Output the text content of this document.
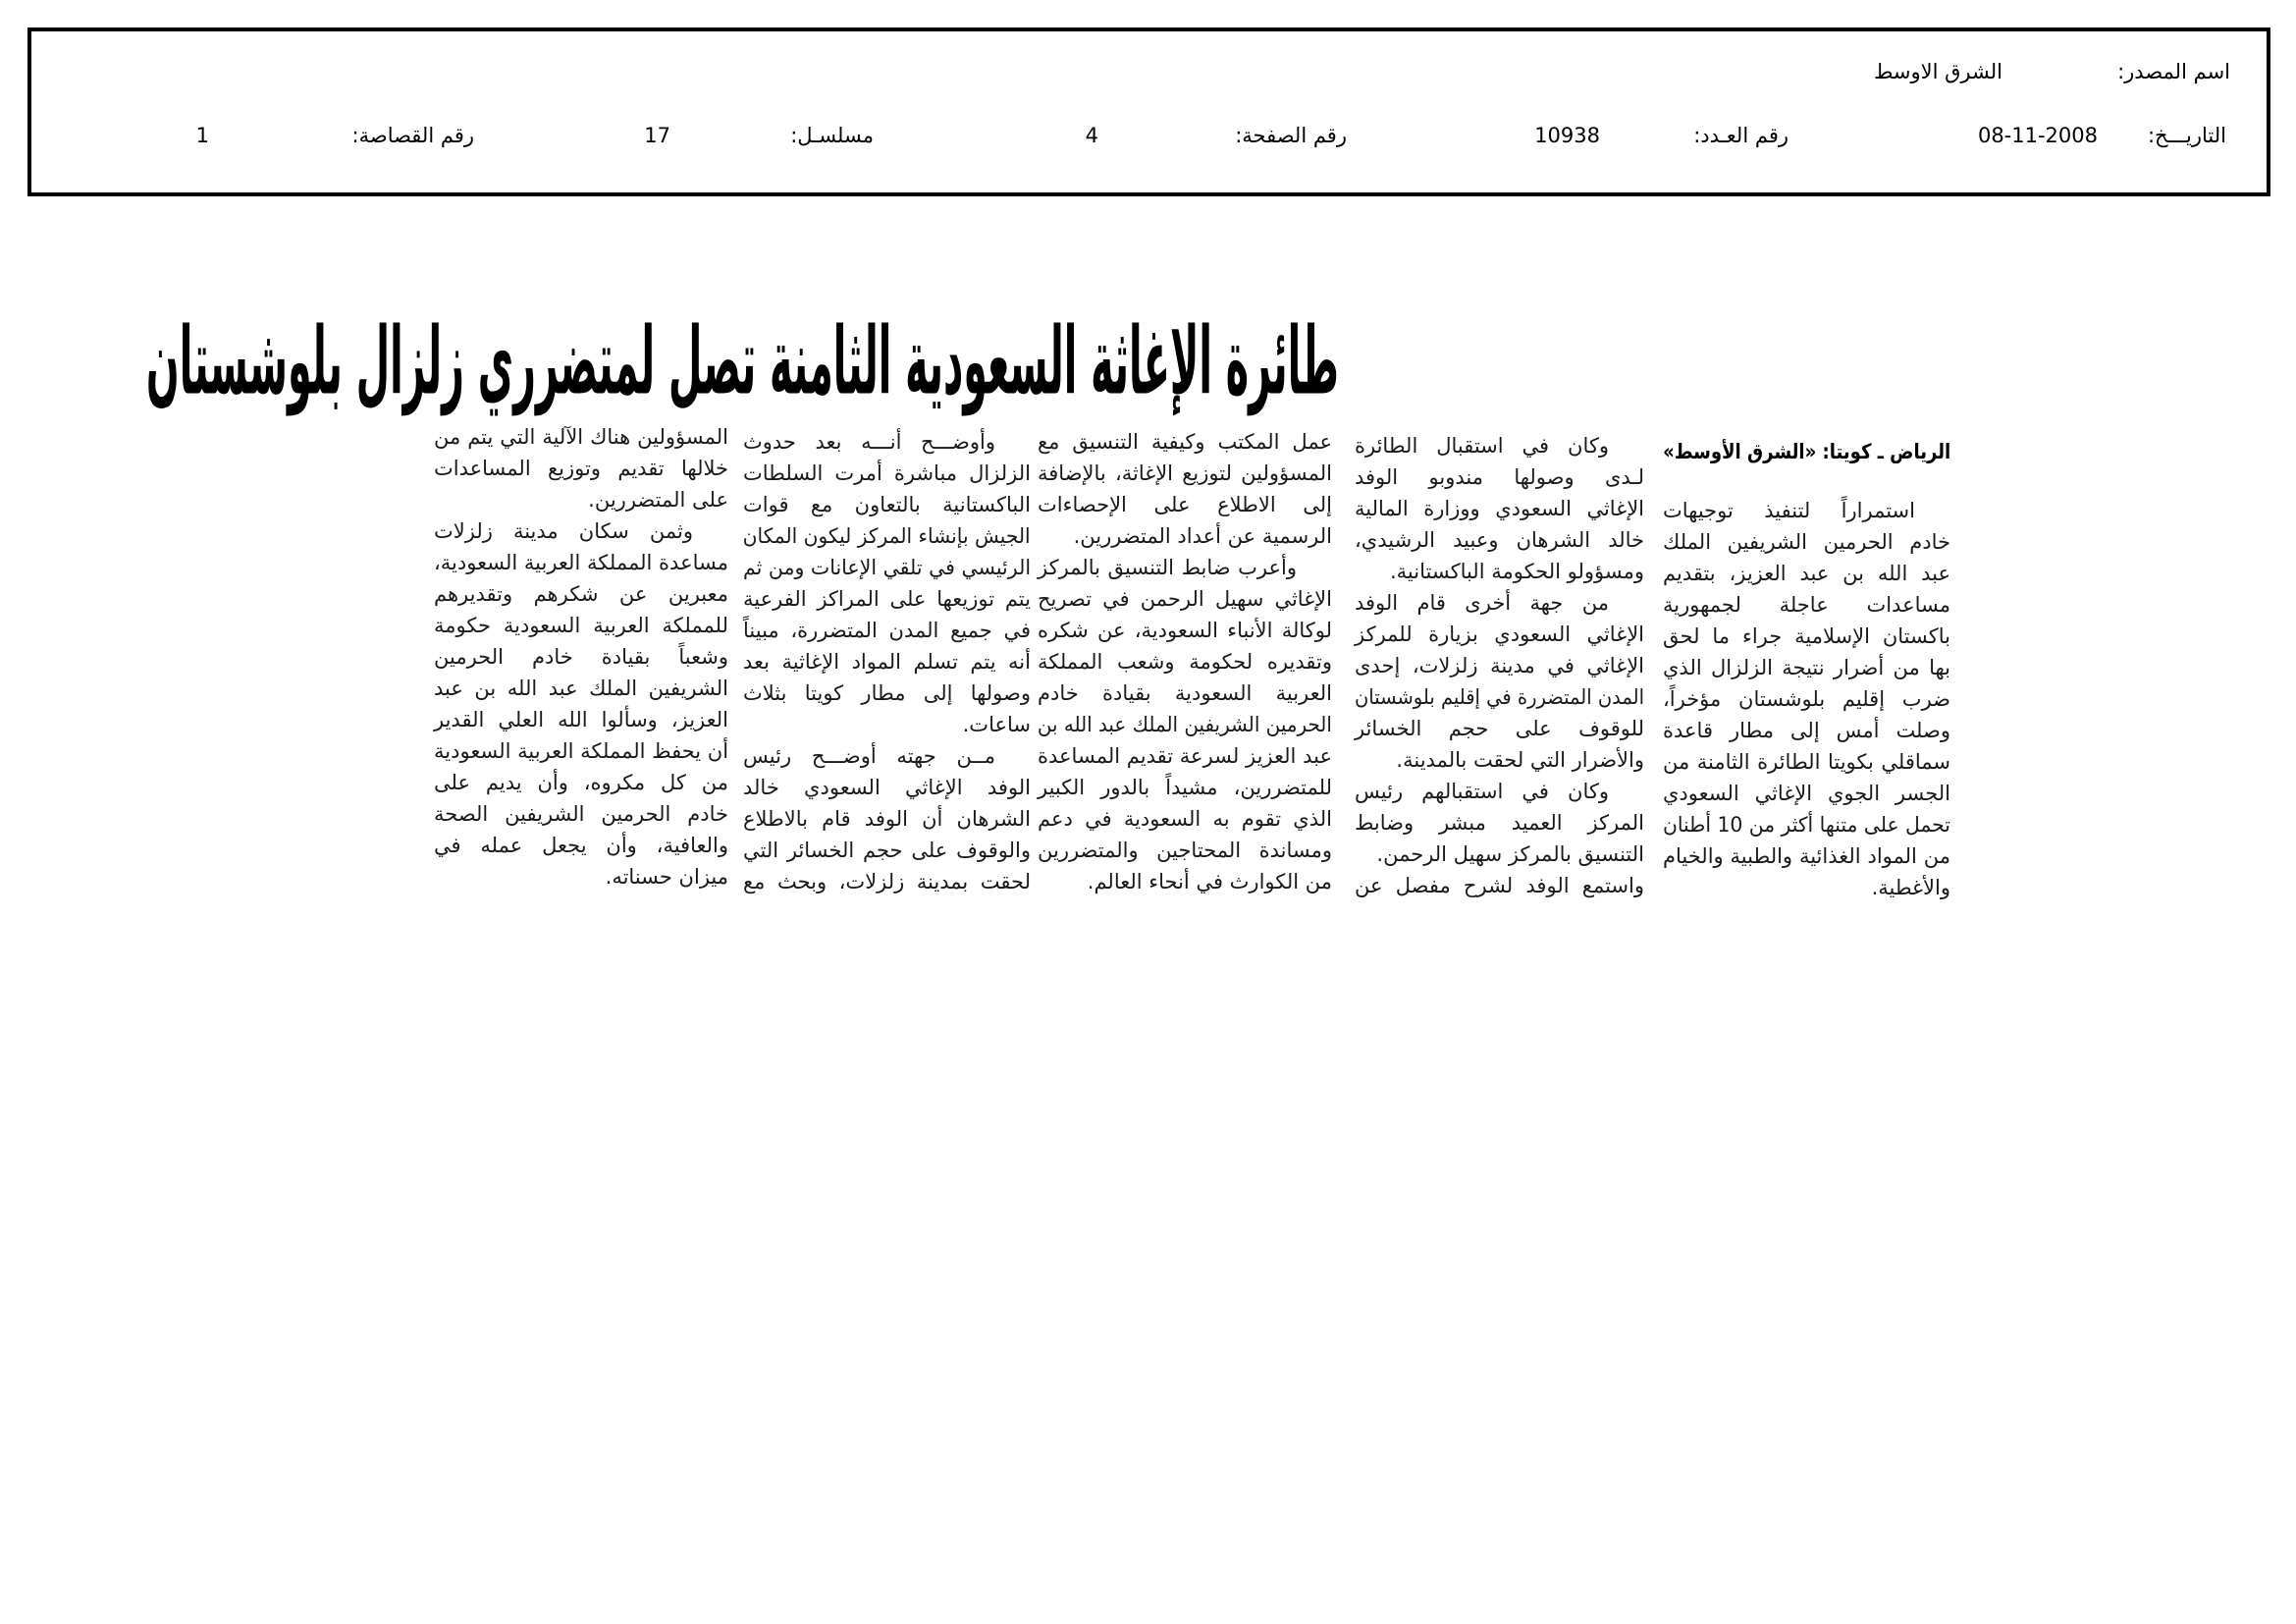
اسم المصدر:
الشرق الاوسط
التاريـــخ:
08-11-2008
رقم العـدد:
10938
رقم الصفحة:
4
مسلسـل:
17
رقم القصاصة:
1
طائرة الإغاثة السعودية الثامنة تصل لمتضرري زلزال بلوشستان
الرياض ـ كويتا: «الشرق الأوسط»
استمراراً لتنفيذ توجيهات
خادم الحرمين الشريفين الملك
عبد الله بن عبد العزيز، بتقديم
مساعدات عاجلة لجمهورية
باكستان الإسلامية جراء ما لحق
بها من أضرار نتيجة الزلزال الذي
ضرب إقليم بلوشستان مؤخراً،
وصلت أمس إلى مطار قاعدة
سماقلي بكويتا الطائرة الثامنة من
الجسر الجوي الإغاثي السعودي
تحمل على متنها أكثر من 10 أطنان
من المواد الغذائية والطبية والخيام
والأغطية.
وكان في استقبال الطائرة
لـدى وصولها مندوبو الوفد
الإغاثي السعودي ووزارة المالية
خالد الشرهان وعبيد الرشيدي،
ومسؤولو الحكومة الباكستانية.
من جهة أخرى قام الوفد
الإغاثي السعودي بزيارة للمركز
الإغاثي في مدينة زلزلات، إحدى
المدن المتضررة في إقليم بلوشستان
للوقوف على حجم الخسائر
والأضرار التي لحقت بالمدينة.
وكان في استقبالهم رئيس
المركز العميد مبشر وضابط
التنسيق بالمركز سهيل الرحمن.
واستمع الوفد لشرح مفصل عن
عمل المكتب وكيفية التنسيق مع
المسؤولين لتوزيع الإغاثة، بالإضافة
إلى الاطلاع على الإحصاءات
الرسمية عن أعداد المتضررين.
وأعرب ضابط التنسيق بالمركز
الإغاثي سهيل الرحمن في تصريح
لوكالة الأنباء السعودية، عن شكره
وتقديره لحكومة وشعب المملكة
العربية السعودية بقيادة خادم
الحرمين الشريفين الملك عبد الله بن
عبد العزيز لسرعة تقديم المساعدة
للمتضررين، مشيداً بالدور الكبير
الذي تقوم به السعودية في دعم
ومساندة المحتاجين والمتضررين
من الكوارث في أنحاء العالم.
وأوضـــح أنـــه بعد حدوث
الزلزال مباشرة أمرت السلطات
الباكستانية بالتعاون مع قوات
الجيش بإنشاء المركز ليكون المكان
الرئيسي في تلقي الإعانات ومن ثم
يتم توزيعها على المراكز الفرعية
في جميع المدن المتضررة، مبيناً
أنه يتم تسلم المواد الإغاثية بعد
وصولها إلى مطار كويتا بثلاث
ساعات.
مــن جهته أوضـــح رئيس
الوفد الإغاثي السعودي خالد
الشرهان أن الوفد قام بالاطلاع
والوقوف على حجم الخسائر التي
لحقت بمدينة زلزلات، وبحث مع
المسؤولين هناك الآلية التي يتم من
خلالها تقديم وتوزيع المساعدات
على المتضررين.
وثمن سكان مدينة زلزلات
مساعدة المملكة العربية السعودية،
معبرين عن شكرهم وتقديرهم
للمملكة العربية السعودية حكومة
وشعباً بقيادة خادم الحرمين
الشريفين الملك عبد الله بن عبد
العزيز، وسألوا الله العلي القدير
أن يحفظ المملكة العربية السعودية
من كل مكروه، وأن يديم على
خادم الحرمين الشريفين الصحة
والعافية، وأن يجعل عمله في
ميزان حسناته.
